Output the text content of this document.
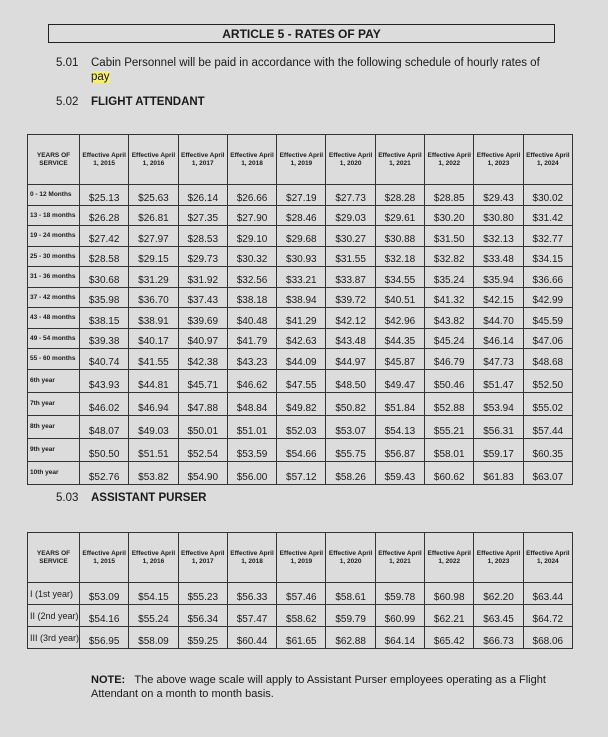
ARTICLE 5 - RATES OF PAY
5.01 Cabin Personnel will be paid in accordance with the following schedule of hourly rates of pay
5.02 FLIGHT ATTENDANT
YEARS OF SERVICE	Effective April 1, 2015	Effective April 1, 2016	Effective April 1, 2017	Effective April 1, 2018	Effective April 1, 2019	Effective April 1, 2020	Effective April 1, 2021	Effective April 1, 2022	Effective April 1, 2023	Effective April 1, 2024
0 - 12 Months	$25.13	$25.63	$26.14	$26.66	$27.19	$27.73	$28.28	$28.85	$29.43	$30.02
13 - 18 months	$26.28	$26.81	$27.35	$27.90	$28.46	$29.03	$29.61	$30.20	$30.80	$31.42
19 - 24 months	$27.42	$27.97	$28.53	$29.10	$29.68	$30.27	$30.88	$31.50	$32.13	$32.77
25 - 30 months	$28.58	$29.15	$29.73	$30.32	$30.93	$31.55	$32.18	$32.82	$33.48	$34.15
31 - 36 months	$30.68	$31.29	$31.92	$32.56	$33.21	$33.87	$34.55	$35.24	$35.94	$36.66
37 - 42 months	$35.98	$36.70	$37.43	$38.18	$38.94	$39.72	$40.51	$41.32	$42.15	$42.99
43 - 48 months	$38.15	$38.91	$39.69	$40.48	$41.29	$42.12	$42.96	$43.82	$44.70	$45.59
49 - 54 months	$39.38	$40.17	$40.97	$41.79	$42.63	$43.48	$44.35	$45.24	$46.14	$47.06
55 - 60 months	$40.74	$41.55	$42.38	$43.23	$44.09	$44.97	$45.87	$46.79	$47.73	$48.68
6th year	$43.93	$44.81	$45.71	$46.62	$47.55	$48.50	$49.47	$50.46	$51.47	$52.50
7th year	$46.02	$46.94	$47.88	$48.84	$49.82	$50.82	$51.84	$52.88	$53.94	$55.02
8th year	$48.07	$49.03	$50.01	$51.01	$52.03	$53.07	$54.13	$55.21	$56.31	$57.44
9th year	$50.50	$51.51	$52.54	$53.59	$54.66	$55.75	$56.87	$58.01	$59.17	$60.35
10th year	$52.76	$53.82	$54.90	$56.00	$57.12	$58.26	$59.43	$60.62	$61.83	$63.07
5.03 ASSISTANT PURSER
YEARS OF SERVICE	Effective April 1, 2015	Effective April 1, 2016	Effective April 1, 2017	Effective April 1, 2018	Effective April 1, 2019	Effective April 1, 2020	Effective April 1, 2021	Effective April 1, 2022	Effective April 1, 2023	Effective April 1, 2024
I (1st year)	$53.09	$54.15	$55.23	$56.33	$57.46	$58.61	$59.78	$60.98	$62.20	$63.44
II (2nd year)	$54.16	$55.24	$56.34	$57.47	$58.62	$59.79	$60.99	$62.21	$63.45	$64.72
III (3rd year)	$56.95	$58.09	$59.25	$60.44	$61.65	$62.88	$64.14	$65.42	$66.73	$68.06
NOTE: The above wage scale will apply to Assistant Purser employees operating as a Flight Attendant on a month to month basis.
